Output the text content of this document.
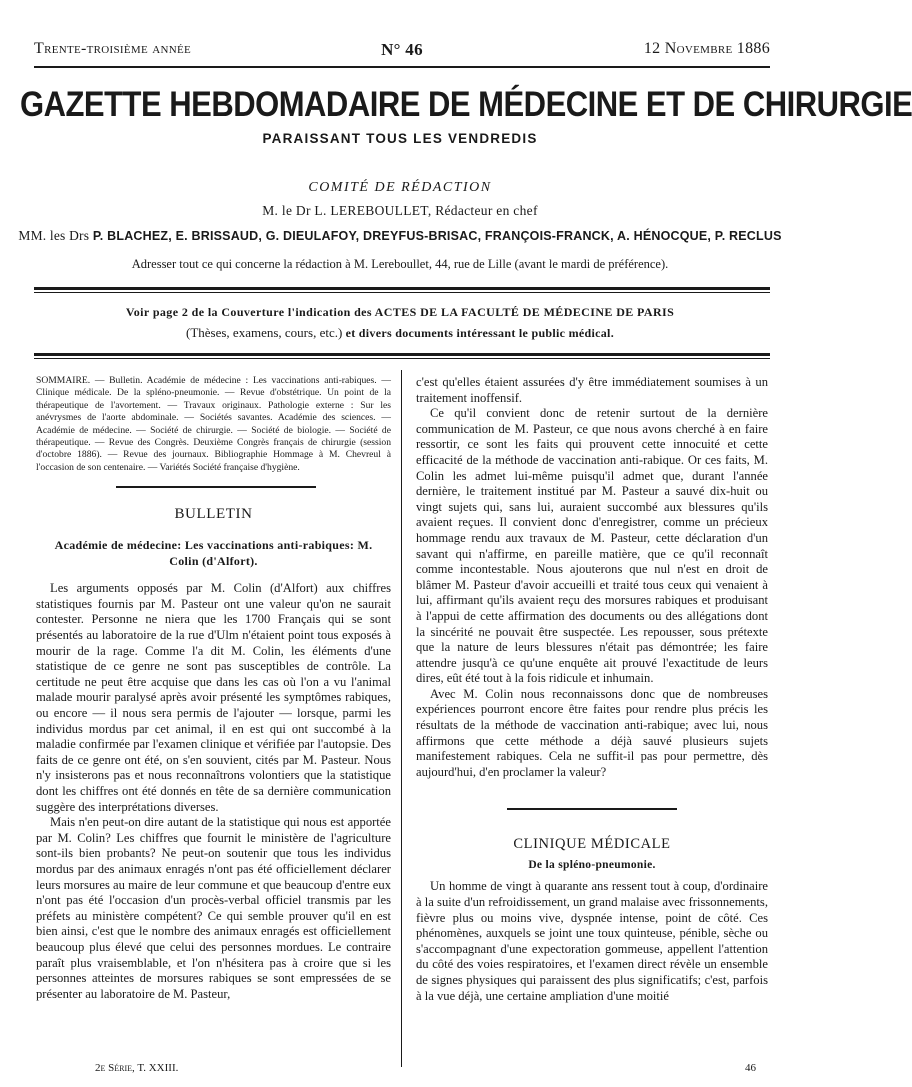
Trente-troisième année	N° 46	12 Novembre 1886
GAZETTE HEBDOMADAIRE DE MÉDECINE ET DE CHIRURGIE
PARAISSANT TOUS LES VENDREDIS
COMITÉ DE RÉDACTION
M. le Dr L. LEREBOULLET, Rédacteur en chef
MM. les Drs P. BLACHEZ, E. BRISSAUD, G. DIEULAFOY, DREYFUS-BRISAC, FRANÇOIS-FRANCK, A. HÉNOCQUE, P. RECLUS
Adresser tout ce qui concerne la rédaction à M. Lereboullet, 44, rue de Lille (avant le mardi de préférence).
Voir page 2 de la Couverture l'indication des ACTES DE LA FACULTÉ DE MÉDECINE DE PARIS
(Thèses, examens, cours, etc.) et divers documents intéressant le public médical.
SOMMAIRE. — Bulletin. Académie de médecine : Les vaccinations anti-rabiques. — Clinique médicale. De la spléno-pneumonie. — Revue d'obstétrique. Un point de la thérapeutique de l'avortement. — Travaux originaux. Pathologie externe : Sur les anévrysmes de l'aorte abdominale. — Sociétés savantes. Académie des sciences. — Académie de médecine. — Société de chirurgie. — Société de biologie. — Société de thérapeutique. — Revue des Congrès. Deuxième Congrès français de chirurgie (session d'octobre 1886). — Revue des journaux. Bibliographie Hommage à M. Chevreul à l'occasion de son centenaire. — Variétés Société française d'hygiène.
BULLETIN
Académie de médecine: Les vaccinations anti-rabiques: M. Colin (d'Alfort).

Les arguments opposés par M. Colin (d'Alfort) aux chiffres statistiques fournis par M. Pasteur ont une valeur qu'on ne saurait contester. Personne ne niera que les 1700 Français qui se sont présentés au laboratoire de la rue d'Ulm n'étaient point tous exposés à mourir de la rage. Comme l'a dit M. Colin, les éléments d'une statistique de ce genre ne sont pas susceptibles de contrôle. La certitude ne peut être acquise que dans les cas où l'on a vu l'animal malade mourir paralysé après avoir présenté les symptômes rabiques, ou encore — il nous sera permis de l'ajouter — lorsque, parmi les individus mordus par cet animal, il en est qui ont succombé à la maladie confirmée par l'examen clinique et vérifiée par l'autopsie. Des faits de ce genre ont été, on s'en souvient, cités par M. Pasteur. Nous n'y insisterons pas et nous reconnaîtrons volontiers que la statistique dont les chiffres ont été donnés en tête de sa dernière communication suggère des interprétations diverses.

Mais n'en peut-on dire autant de la statistique qui nous est apportée par M. Colin? Les chiffres que fournit le ministère de l'agriculture sont-ils bien probants? Ne peut-on soutenir que tous les individus mordus par des animaux enragés n'ont pas été officiellement déclarer leurs morsures au maire de leur commune et que beaucoup d'entre eux n'ont pas été l'occasion d'un procès-verbal officiel transmis par les préfets au ministère compétent? Ce qui semble prouver qu'il en est bien ainsi, c'est que le nombre des animaux enragés est officiellement beaucoup plus élevé que celui des personnes mordues. Le contraire paraît plus vraisemblable, et l'on n'hésitera pas à croire que si les personnes atteintes de morsures rabiques se sont empressées de se présenter au laboratoire de M. Pasteur,

c'est qu'elles étaient assurées d'y être immédiatement soumises à un traitement inoffensif.

Ce qu'il convient donc de retenir surtout de la dernière communication de M. Pasteur, ce que nous avons cherché à en faire ressortir, ce sont les faits qui prouvent cette innocuité et cette efficacité de la méthode de vaccination anti-rabique. Or ces faits, M. Colin les admet lui-même puisqu'il admet que, durant l'année dernière, le traitement institué par M. Pasteur a sauvé dix-huit ou vingt sujets qui, sans lui, auraient succombé aux blessures qu'ils avaient reçues. Il convient donc d'enregistrer, comme un précieux hommage rendu aux travaux de M. Pasteur, cette déclaration d'un savant qui n'affirme, en pareille matière, que ce qu'il reconnaît comme incontestable. Nous ajouterons que nul n'est en droit de blâmer M. Pasteur d'avoir accueilli et traité tous ceux qui venaient à lui, affirmant qu'ils avaient reçu des morsures rabiques et produisant à l'appui de cette affirmation des documents ou des allégations dont la sincérité ne pouvait être suspectée. Les repousser, sous prétexte que la nature de leurs blessures n'était pas démontrée; les faire attendre jusqu'à ce qu'une enquête ait prouvé l'exactitude de leurs dires, eût été tout à la fois ridicule et inhumain.

Avec M. Colin nous reconnaissons donc que de nombreuses expériences pourront encore être faites pour rendre plus précis les résultats de la méthode de vaccination anti-rabique; avec lui, nous affirmons que cette méthode a déjà sauvé plusieurs sujets manifestement rabiques. Cela ne suffit-il pas pour permettre, dès aujourd'hui, d'en proclamer la valeur?

CLINIQUE MÉDICALE
De la spléno-pneumonie.

Un homme de vingt à quarante ans ressent tout à coup, d'ordinaire à la suite d'un refroidissement, un grand malaise avec frissonnements, fièvre plus ou moins vive, dyspnée intense, point de côté. Ces phénomènes, auxquels se joint une toux quinteuse, pénible, sèche ou s'accompagnant d'une expectoration gommeuse, appellent l'attention du côté des voies respiratoires, et l'examen direct révèle un ensemble de signes physiques qui paraissent des plus significatifs; c'est, parfois à la vue déjà, une certaine ampliation d'une moitié

2e Série, T. XXIII.	46
